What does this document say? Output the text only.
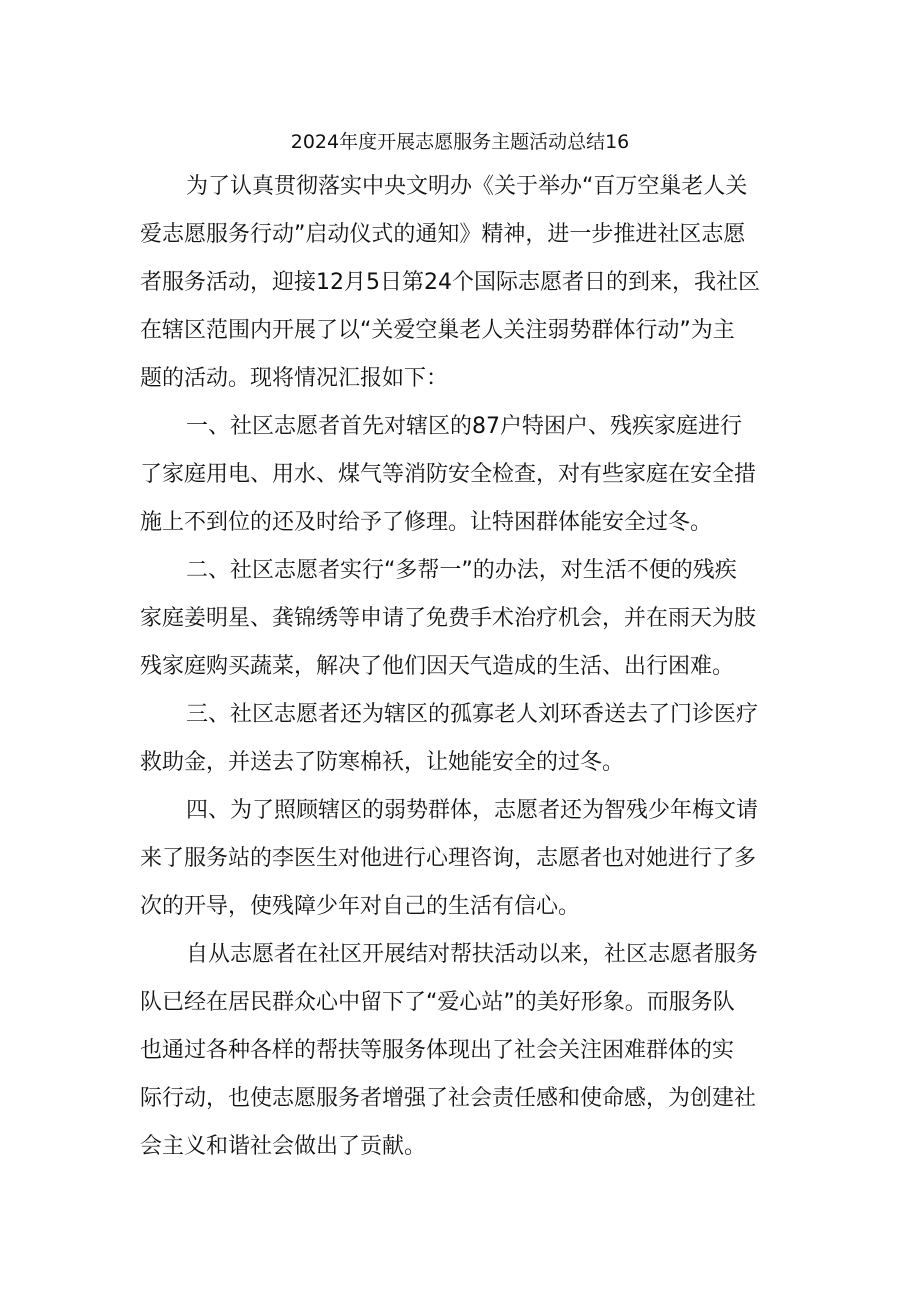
2024年度开展志愿服务主题活动总结16

为了认真贯彻落实中央文明办《关于举办“百万空巢老人关
爱志愿服务行动”启动仪式的通知》精神，进一步推进社区志愿
者服务活动，迎接12月5日第24个国际志愿者日的到来，我社区
在辖区范围内开展了以“关爱空巢老人关注弱势群体行动”为主
题的活动。现将情况汇报如下：

一、社区志愿者首先对辖区的87户特困户、残疾家庭进行
了家庭用电、用水、煤气等消防安全检查，对有些家庭在安全措
施上不到位的还及时给予了修理。让特困群体能安全过冬。

二、社区志愿者实行“多帮一”的办法，对生活不便的残疾
家庭姜明星、龚锦绣等申请了免费手术治疗机会，并在雨天为肢
残家庭购买蔬菜，解决了他们因天气造成的生活、出行困难。

三、社区志愿者还为辖区的孤寡老人刘环香送去了门诊医疗
救助金，并送去了防寒棉袄，让她能安全的过冬。

四、为了照顾辖区的弱势群体，志愿者还为智残少年梅文请
来了服务站的李医生对他进行心理咨询，志愿者也对她进行了多
次的开导，使残障少年对自己的生活有信心。

自从志愿者在社区开展结对帮扶活动以来，社区志愿者服务
队已经在居民群众心中留下了“爱心站”的美好形象。而服务队
也通过各种各样的帮扶等服务体现出了社会关注困难群体的实
际行动，也使志愿服务者增强了社会责任感和使命感，为创建社
会主义和谐社会做出了贡献。
